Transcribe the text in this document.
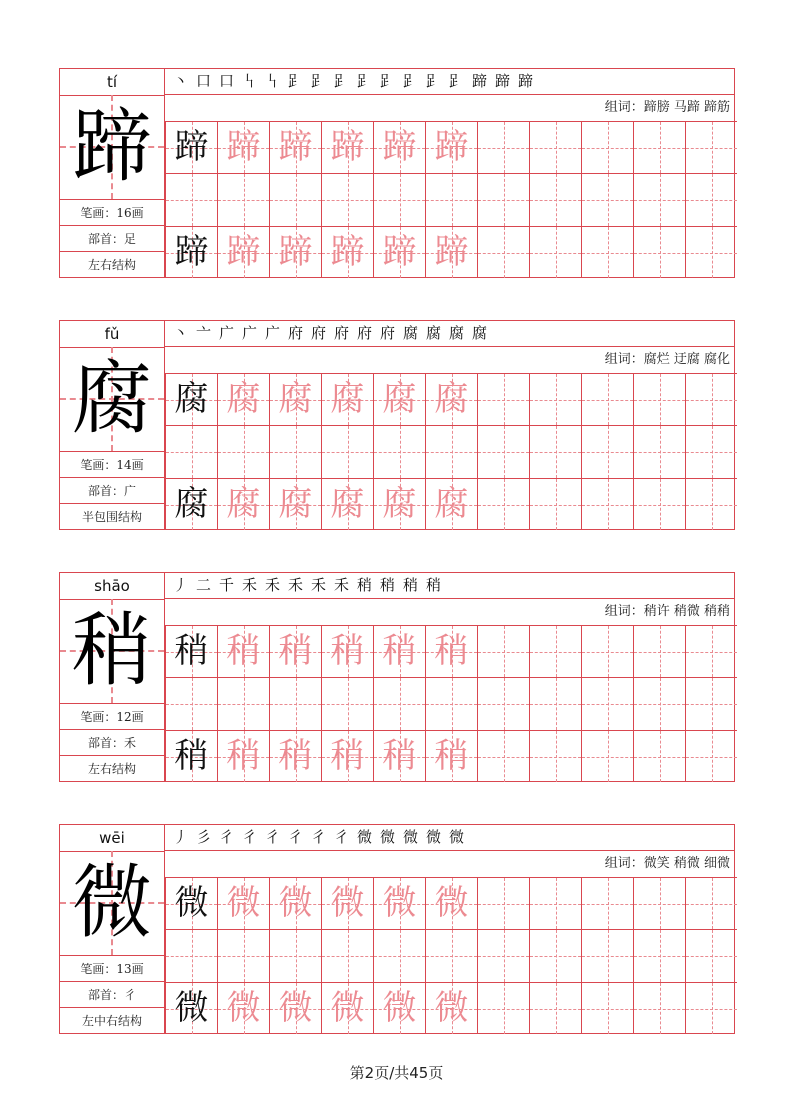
tí
蹄
笔画：16画
部首：足
左右结构
丶 口 口 𠃑 𠃑 𧾷 𧾷 𧾷 𧾷 𧾷 𧾷 𧾷 𧾷 蹄 蹄 蹄
组词：蹄膀 马蹄 蹄筋
蹄 蹄 蹄 蹄 蹄 蹄
蹄 蹄 蹄 蹄 蹄 蹄
fǔ
腐
笔画：14画
部首：广
半包围结构
丶 亠 广 广 广 府 府 府 府 府 腐 腐 腐 腐
组词：腐烂 迂腐 腐化
腐 腐 腐 腐 腐 腐
腐 腐 腐 腐 腐 腐
shāo
稍
笔画：12画
部首：禾
左右结构
丿 二 千 禾 禾 禾 禾 禾 稍 稍 稍 稍
组词：稍许 稍微 稍稍
稍 稍 稍 稍 稍 稍
稍 稍 稍 稍 稍 稍
wēi
微
笔画：13画
部首：彳
左中右结构
丿 彡 彳 彳 彳 彳 彳 彳 微 微 微 微 微
组词：微笑 稍微 细微
微 微 微 微 微 微
微 微 微 微 微 微
第2页/共45页
